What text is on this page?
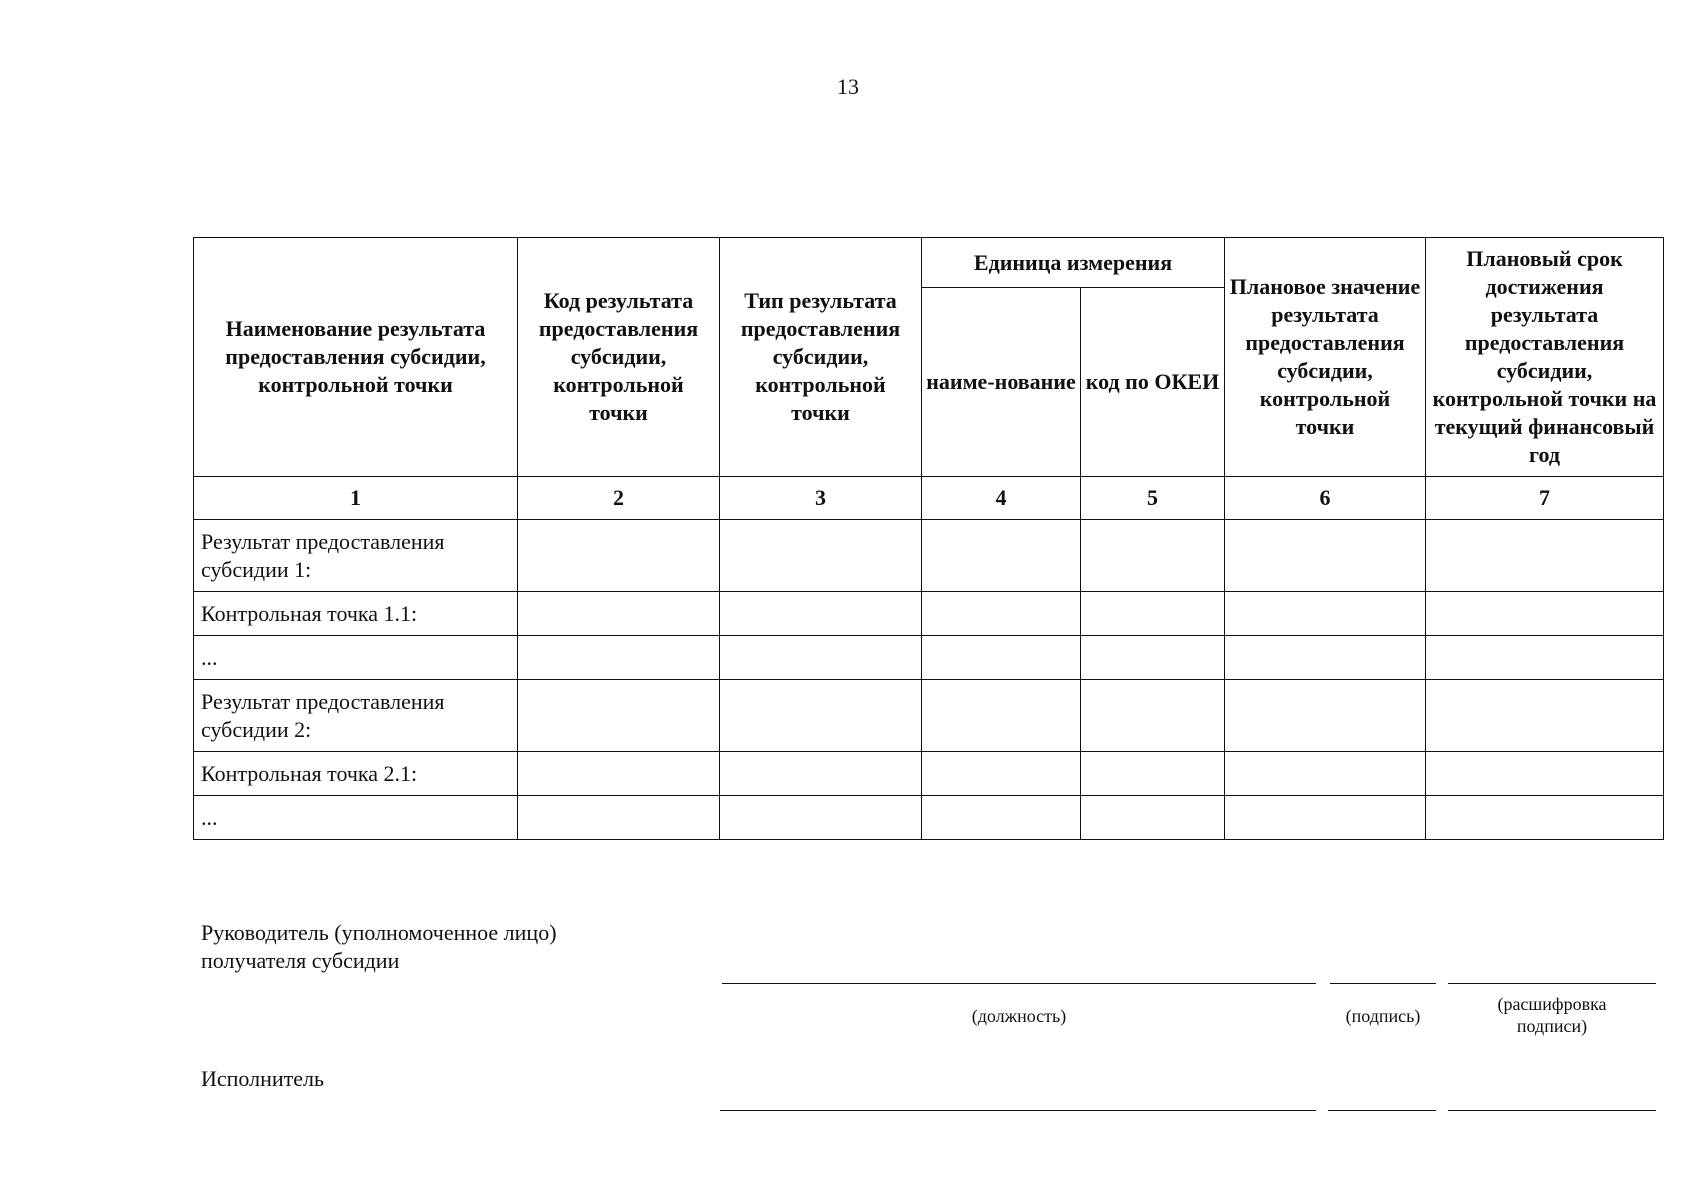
13
Наименование результата предоставления субсидии, контрольной точки	Код результата предоставления субсидии, контрольной точки	Тип результата предоставления субсидии, контрольной точки	Единица измерения		Плановое значение результата предоставления субсидии, контрольной точки	Плановый срок достижения результата предоставления субсидии, контрольной точки на текущий финансовый год
			наиме-нование	код по ОКЕИ		
1	2	3	4	5	6	7
Результат предоставления субсидии 1:						
Контрольная точка 1.1:						
...						
Результат предоставления субсидии 2:						
Контрольная точка 2.1:						
...						
Руководитель (уполномоченное лицо) получателя субсидии
(должность)	(подпись)
(расшифровка подписи)
Исполнитель
